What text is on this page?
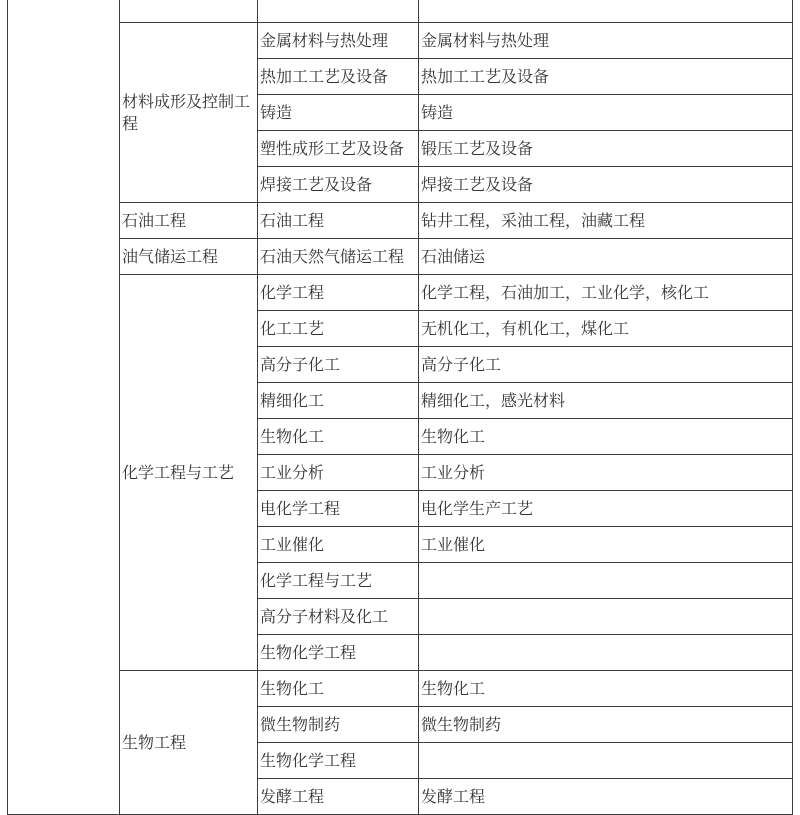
	材料成形及控制工程	金属材料与热处理	金属材料与热处理
		热加工工艺及设备	热加工工艺及设备
		铸造	铸造
		塑性成形工艺及设备	锻压工艺及设备
		焊接工艺及设备	焊接工艺及设备
	石油工程	石油工程	钻井工程，采油工程，油藏工程
	油气储运工程	石油天然气储运工程	石油储运
	化学工程与工艺	化学工程	化学工程，石油加工，工业化学，核化工
		化工工艺	无机化工，有机化工，煤化工
		高分子化工	高分子化工
		精细化工	精细化工，感光材料
		生物化工	生物化工
		工业分析	工业分析
		电化学工程	电化学生产工艺
		工业催化	工业催化
		化学工程与工艺	
		高分子材料及化工	
		生物化学工程	
	生物工程	生物化工	生物化工
		微生物制药	微生物制药
		生物化学工程	
		发酵工程	发酵工程
